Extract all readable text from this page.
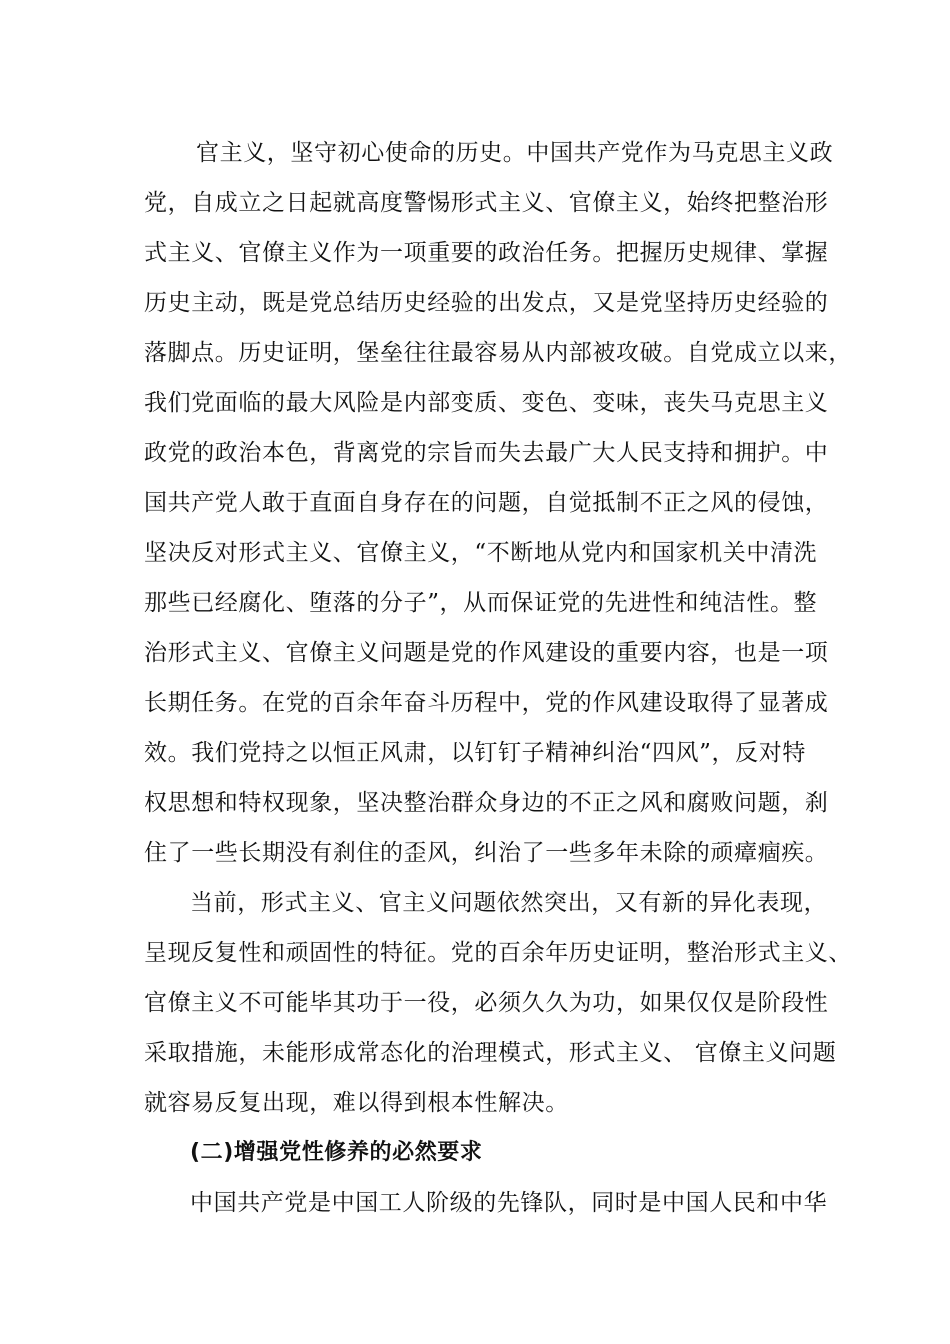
官主义，坚守初心使命的历史。中国共产党作为马克思主义政
党，自成立之日起就高度警惕形式主义、官僚主义，始终把整治形
式主义、官僚主义作为一项重要的政治任务。把握历史规律、掌握
历史主动，既是党总结历史经验的出发点，又是党坚持历史经验的
落脚点。历史证明，堡垒往往最容易从内部被攻破。自党成立以来，
我们党面临的最大风险是内部变质、变色、变味，丧失马克思主义
政党的政治本色，背离党的宗旨而失去最广大人民支持和拥护。中
国共产党人敢于直面自身存在的问题，自觉抵制不正之风的侵蚀，
坚决反对形式主义、官僚主义，“不断地从党内和国家机关中清洗
那些已经腐化、堕落的分子”，从而保证党的先进性和纯洁性。整
治形式主义、官僚主义问题是党的作风建设的重要内容，也是一项
长期任务。在党的百余年奋斗历程中，党的作风建设取得了显著成
效。我们党持之以恒正风肃，以钉钉子精神纠治“四风”，反对特
权思想和特权现象，坚决整治群众身边的不正之风和腐败问题，刹
住了一些长期没有刹住的歪风，纠治了一些多年未除的顽瘴痼疾。
当前，形式主义、官主义问题依然突出，又有新的异化表现，
呈现反复性和顽固性的特征。党的百余年历史证明，整治形式主义、
官僚主义不可能毕其功于一役，必须久久为功，如果仅仅是阶段性
采取措施，未能形成常态化的治理模式，形式主义、 官僚主义问题
就容易反复出现，难以得到根本性解决。
(二)增强党性修养的必然要求
中国共产党是中国工人阶级的先锋队，同时是中国人民和中华
